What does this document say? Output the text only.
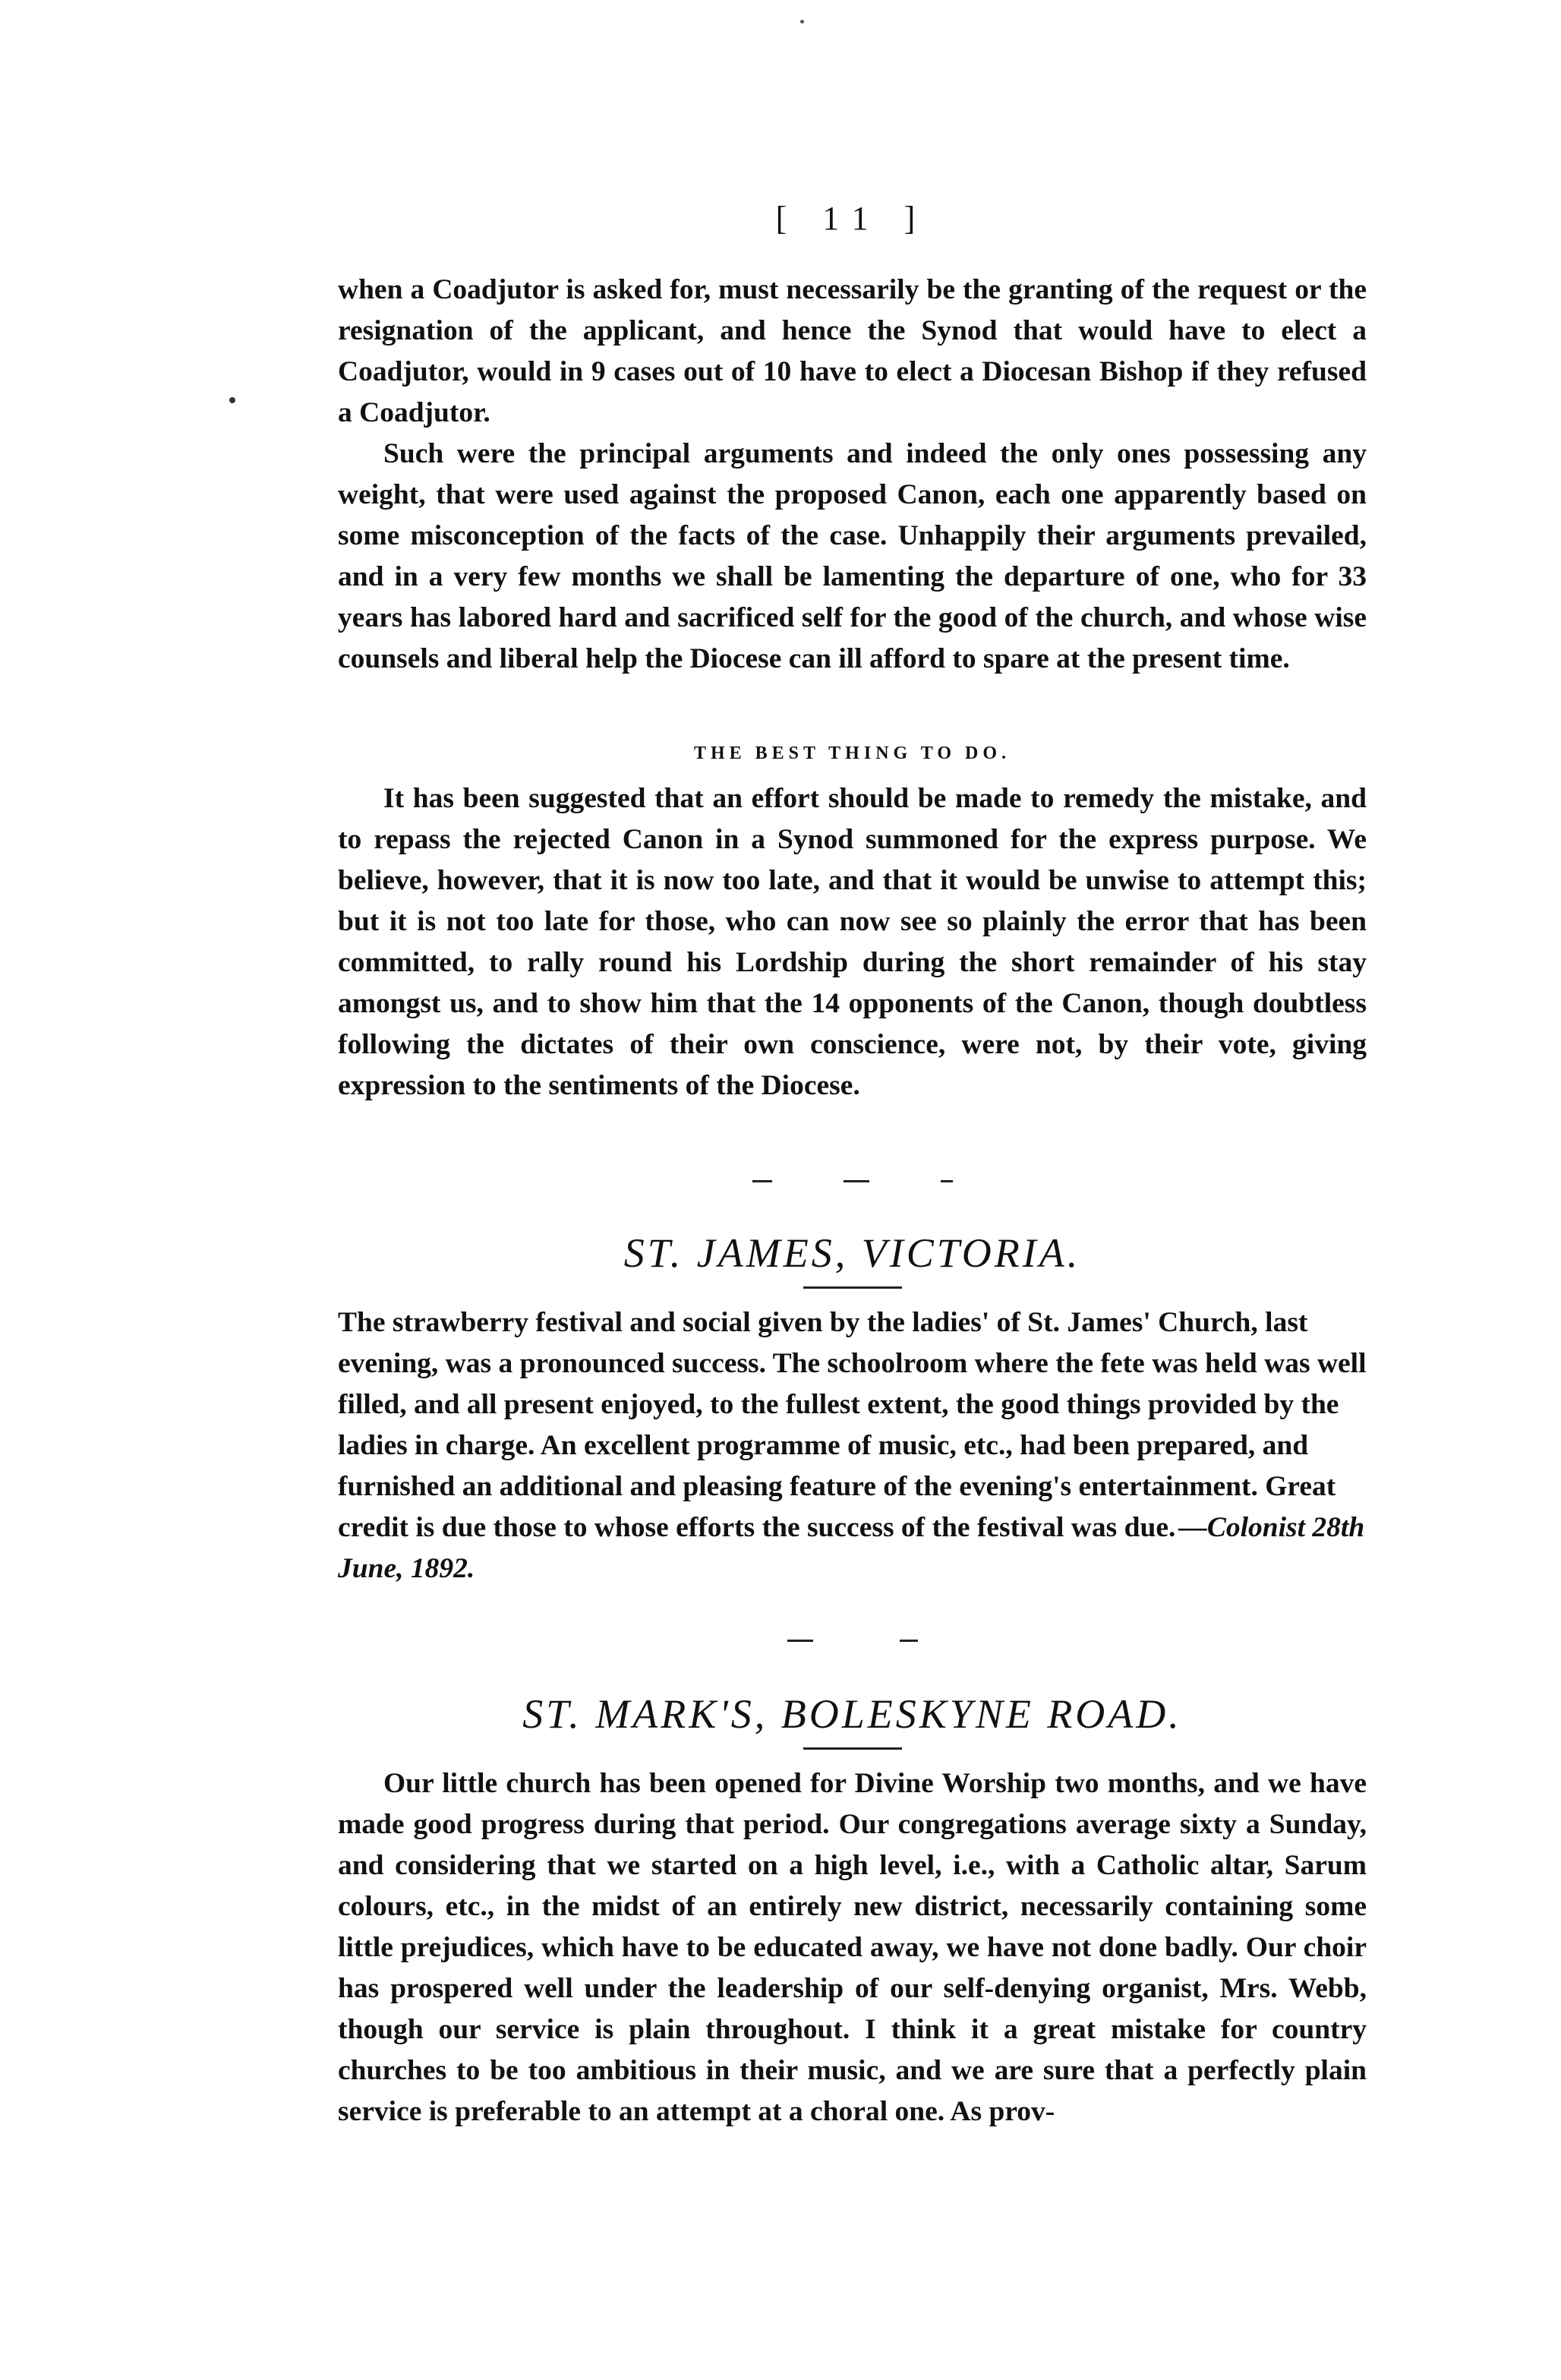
[ 11 ]

when a Coadjutor is asked for, must necessarily be the granting of the request or the resignation of the applicant, and hence the Synod that would have to elect a Coadjutor, would in 9 cases out of 10 have to elect a Diocesan Bishop if they refused a Coadjutor.

Such were the principal arguments and indeed the only ones possessing any weight, that were used against the proposed Canon, each one apparently based on some misconception of the facts of the case. Unhappily their arguments prevailed, and in a very few months we shall be lamenting the departure of one, who for 33 years has labored hard and sacrificed self for the good of the church, and whose wise counsels and liberal help the Diocese can ill afford to spare at the present time.

THE BEST THING TO DO.

It has been suggested that an effort should be made to remedy the mistake, and to repass the rejected Canon in a Synod summoned for the express purpose. We believe, however, that it is now too late, and that it would be unwise to attempt this; but it is not too late for those, who can now see so plainly the error that has been committed, to rally round his Lordship during the short remainder of his stay amongst us, and to show him that the 14 opponents of the Canon, though doubtless following the dictates of their own conscience, were not, by their vote, giving expression to the sentiments of the Diocese.

ST. JAMES, VICTORIA.

The strawberry festival and social given by the ladies' of St. James' Church, last evening, was a pronounced success. The schoolroom where the fete was held was well filled, and all present enjoyed, to the fullest extent, the good things provided by the ladies in charge. An excellent programme of music, etc., had been prepared, and furnished an additional and pleasing feature of the evening's entertainment. Great credit is due those to whose efforts the success of the festival was due. —Colonist 28th June, 1892.

ST. MARK'S, BOLESKYNE ROAD.

Our little church has been opened for Divine Worship two months, and we have made good progress during that period. Our congregations average sixty a Sunday, and considering that we started on a high level, i.e., with a Catholic altar, Sarum colours, etc., in the midst of an entirely new district, necessarily containing some little prejudices, which have to be educated away, we have not done badly. Our choir has prospered well under the leadership of our self-denying organist, Mrs. Webb, though our service is plain throughout. I think it a great mistake for country churches to be too ambitious in their music, and we are sure that a perfectly plain service is preferable to an attempt at a choral one. As prov-
